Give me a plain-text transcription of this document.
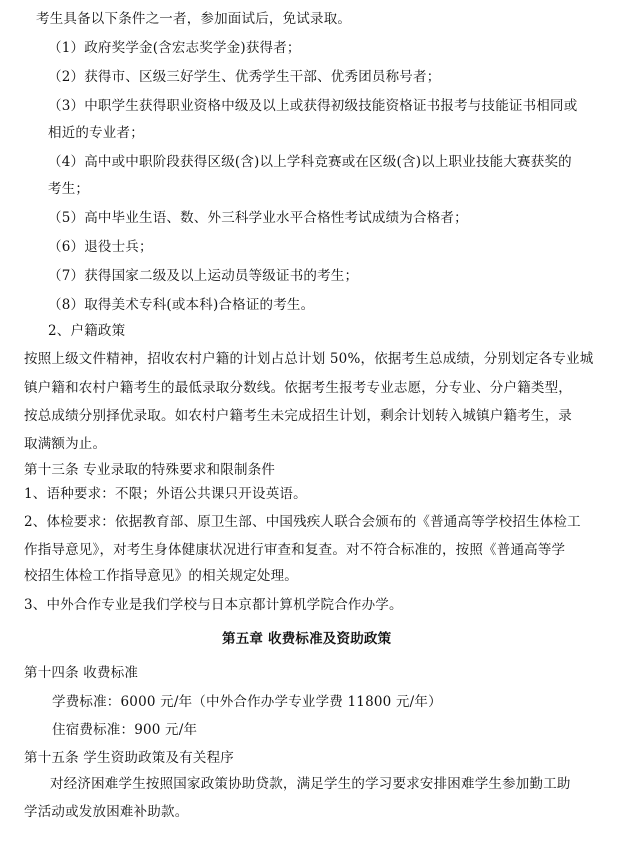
考生具备以下条件之一者，参加面试后，免试录取。
（1）政府奖学金(含宏志奖学金)获得者；
（2）获得市、区级三好学生、优秀学生干部、优秀团员称号者；
（3）中职学生获得职业资格中级及以上或获得初级技能资格证书报考与技能证书相同或
相近的专业者；
（4）高中或中职阶段获得区级(含)以上学科竞赛或在区级(含)以上职业技能大赛获奖的
考生；
（5）高中毕业生语、数、外三科学业水平合格性考试成绩为合格者；
（6）退役士兵；
（7）获得国家二级及以上运动员等级证书的考生；
（8）取得美术专科(或本科)合格证的考生。
2、户籍政策
按照上级文件精神，招收农村户籍的计划占总计划 50%，依据考生总成绩，分别划定各专业城
镇户籍和农村户籍考生的最低录取分数线。依据考生报考专业志愿，分专业、分户籍类型，
按总成绩分别择优录取。如农村户籍考生未完成招生计划，剩余计划转入城镇户籍考生，录
取满额为止。
第十三条 专业录取的特殊要求和限制条件
1、语种要求：不限；外语公共课只开设英语。
2、体检要求：依据教育部、原卫生部、中国残疾人联合会颁布的《普通高等学校招生体检工
作指导意见》，对考生身体健康状况进行审查和复查。对不符合标准的，按照《普通高等学
校招生体检工作指导意见》的相关规定处理。
3、中外合作专业是我们学校与日本京都计算机学院合作办学。
第五章 收费标准及资助政策
第十四条 收费标准
学费标准：6000 元/年（中外合作办学专业学费 11800 元/年）
住宿费标准：900 元/年
第十五条 学生资助政策及有关程序
对经济困难学生按照国家政策协助贷款，满足学生的学习要求安排困难学生参加勤工助
学活动或发放困难补助款。
